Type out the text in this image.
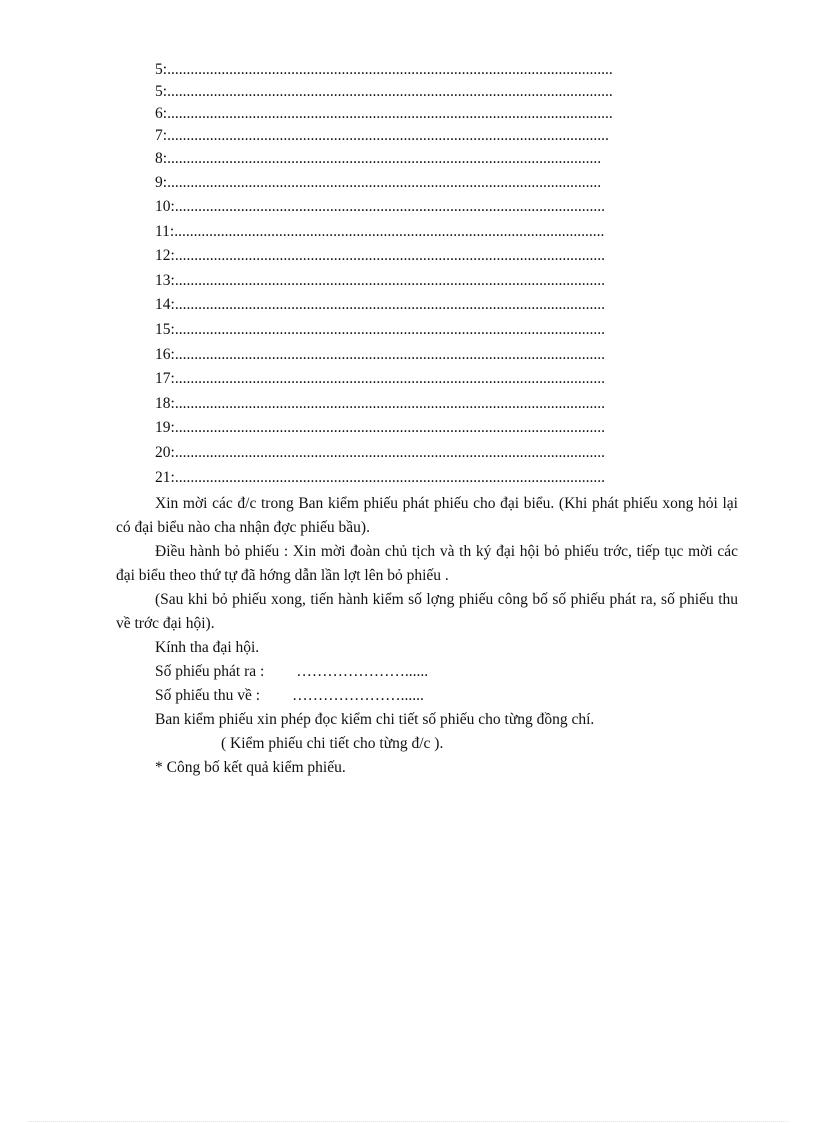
5:...................................................................................................................
5:...................................................................................................................
6:...................................................................................................................
7:..................................................................................................................
8:................................................................................................................
9:................................................................................................................
10:...............................................................................................................
11:...............................................................................................................
12:...............................................................................................................
13:...............................................................................................................
14:...............................................................................................................
15:...............................................................................................................
16:...............................................................................................................
17:...............................................................................................................
18:...............................................................................................................
19:...............................................................................................................
20:...............................................................................................................
21:...............................................................................................................

Xin mời các đ/c trong Ban kiểm phiếu phát phiếu cho đại biểu. (Khi phát phiếu xong hỏi lại có đại biểu nào cha nhận đợc phiếu bầu).

Điều hành bỏ phiếu : Xin mời đoàn chủ tịch và th ký đại hội bỏ phiếu trớc, tiếp tục mời các đại biểu theo thứ tự đã hớng dẫn lần lợt lên bỏ phiếu .

(Sau khi bỏ phiếu xong, tiến hành kiểm số lợng phiếu công bố số phiếu phát ra, số phiếu thu về trớc đại hội).

Kính tha đại hội.

Số phiếu phát ra : …………………......

Số phiếu thu về : …………………......

Ban kiểm phiếu xin phép đọc kiểm chi tiết số phiếu cho từng đồng chí.

( Kiểm phiếu chi tiết cho từng đ/c ).

* Công bố kết quả kiểm phiếu.
